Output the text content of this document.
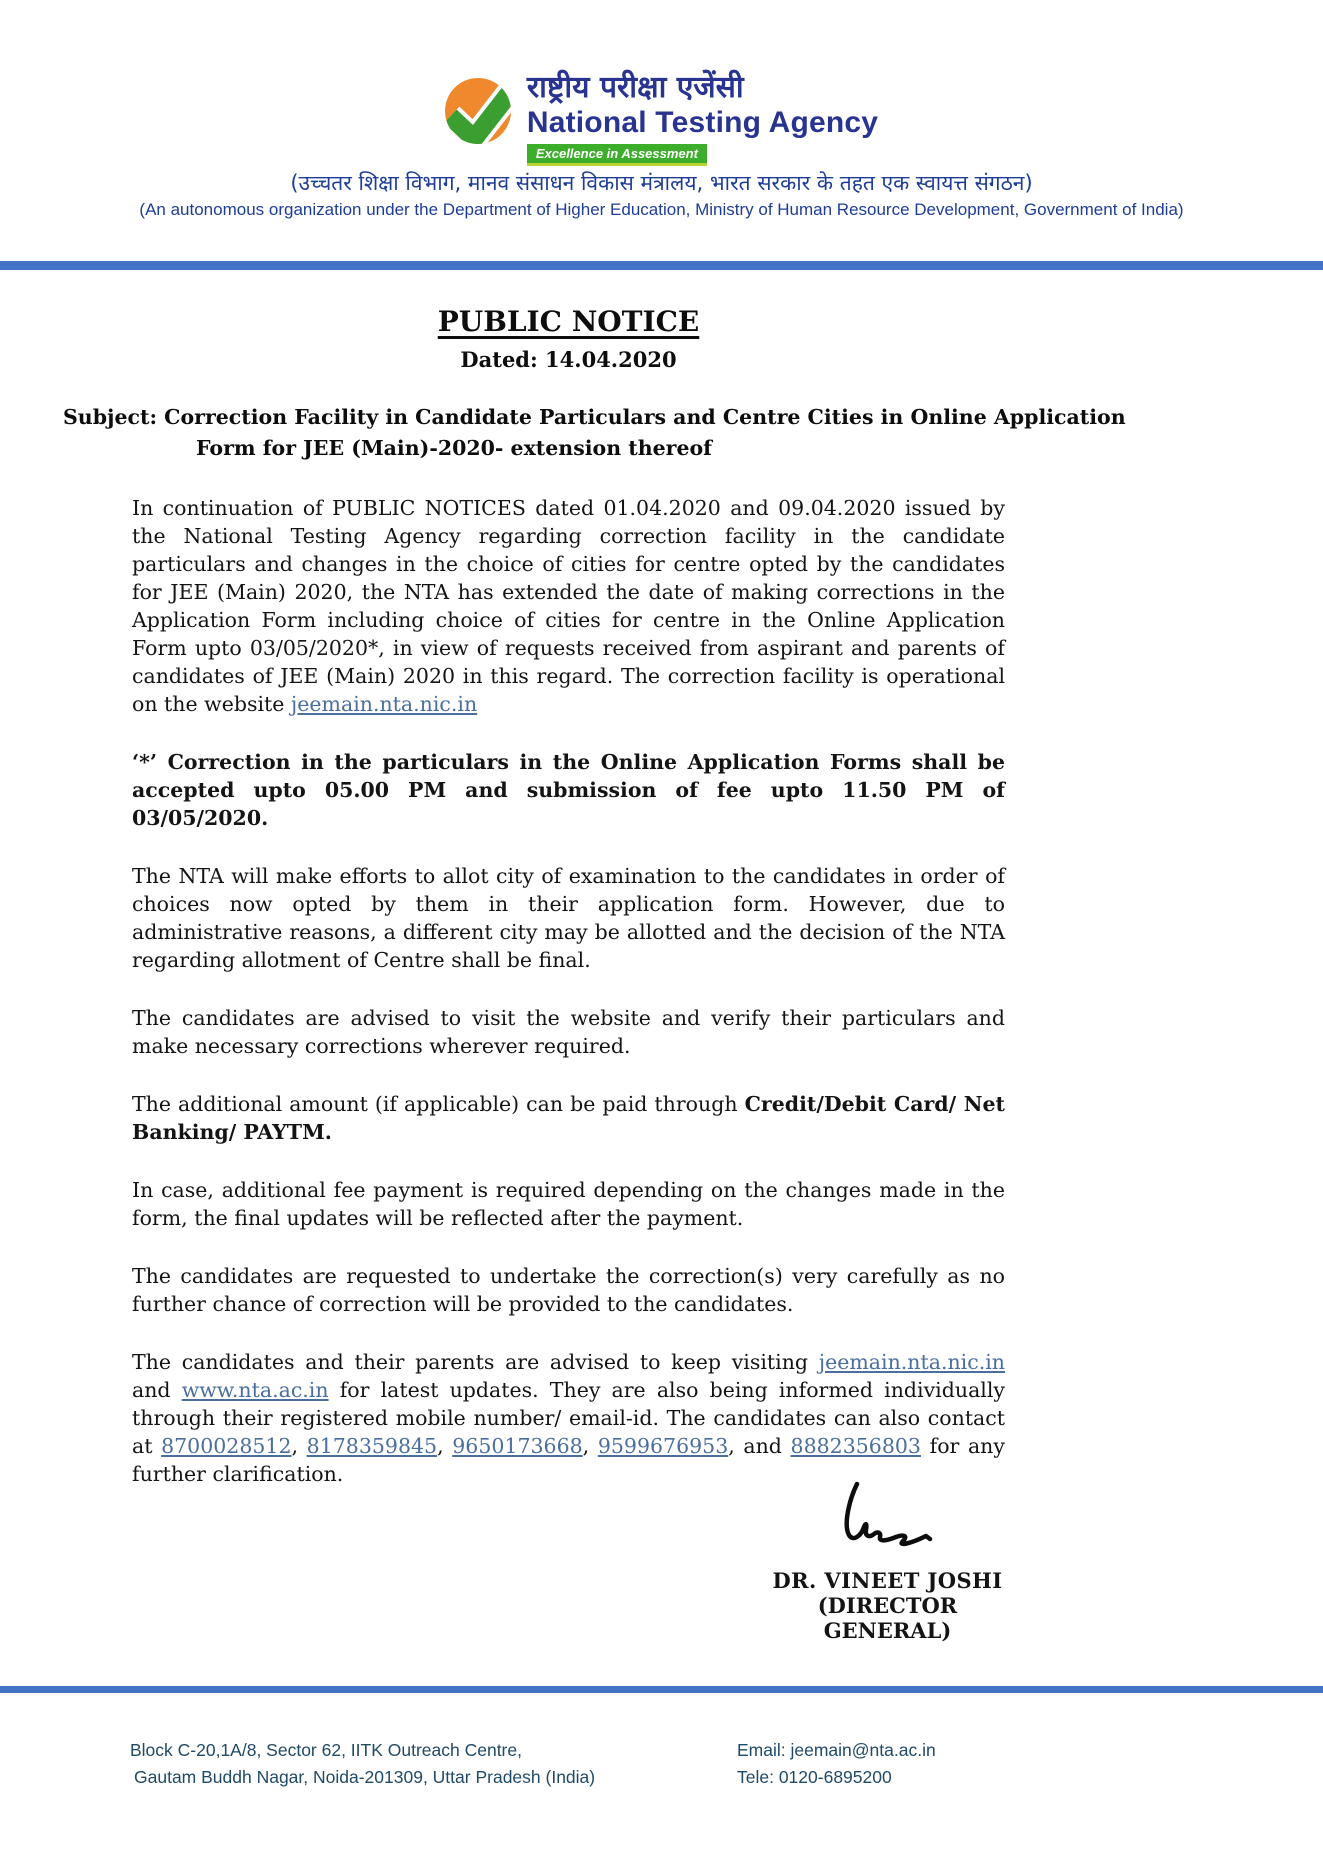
राष्ट्रीय परीक्षा एजेंसी
National Testing Agency
Excellence in Assessment
(उच्चतर शिक्षा विभाग, मानव संसाधन विकास मंत्रालय, भारत सरकार के तहत एक स्वायत्त संगठन)
(An autonomous organization under the Department of Higher Education, Ministry of Human Resource Development, Government of India)
PUBLIC NOTICE
Dated: 14.04.2020
Subject: Correction Facility in Candidate Particulars and Centre Cities in Online Application Form for JEE (Main)-2020- extension thereof

In continuation of PUBLIC NOTICES dated 01.04.2020 and 09.04.2020 issued by the National Testing Agency regarding correction facility in the candidate particulars and changes in the choice of cities for centre opted by the candidates for JEE (Main) 2020, the NTA has extended the date of making corrections in the Application Form including choice of cities for centre in the Online Application Form upto 03/05/2020*, in view of requests received from aspirant and parents of candidates of JEE (Main) 2020 in this regard. The correction facility is operational on the website jeemain.nta.nic.in

‘*’ Correction in the particulars in the Online Application Forms shall be accepted upto 05.00 PM and submission of fee upto 11.50 PM of 03/05/2020.

The NTA will make efforts to allot city of examination to the candidates in order of choices now opted by them in their application form. However, due to administrative reasons, a different city may be allotted and the decision of the NTA regarding allotment of Centre shall be final.

The candidates are advised to visit the website and verify their particulars and make necessary corrections wherever required.

The additional amount (if applicable) can be paid through Credit/Debit Card/ Net Banking/ PAYTM.

In case, additional fee payment is required depending on the changes made in the form, the final updates will be reflected after the payment.

The candidates are requested to undertake the correction(s) very carefully as no further chance of correction will be provided to the candidates.

The candidates and their parents are advised to keep visiting jeemain.nta.nic.in and www.nta.ac.in for latest updates. They are also being informed individually through their registered mobile number/ email-id. The candidates can also contact at 8700028512, 8178359845, 9650173668, 9599676953, and 8882356803 for any further clarification.

DR. VINEET JOSHI
(DIRECTOR GENERAL)
Block C-20,1A/8, Sector 62, IITK Outreach Centre,
Gautam Buddh Nagar, Noida-201309, Uttar Pradesh (India)
Email: jeemain@nta.ac.in
Tele: 0120-6895200
